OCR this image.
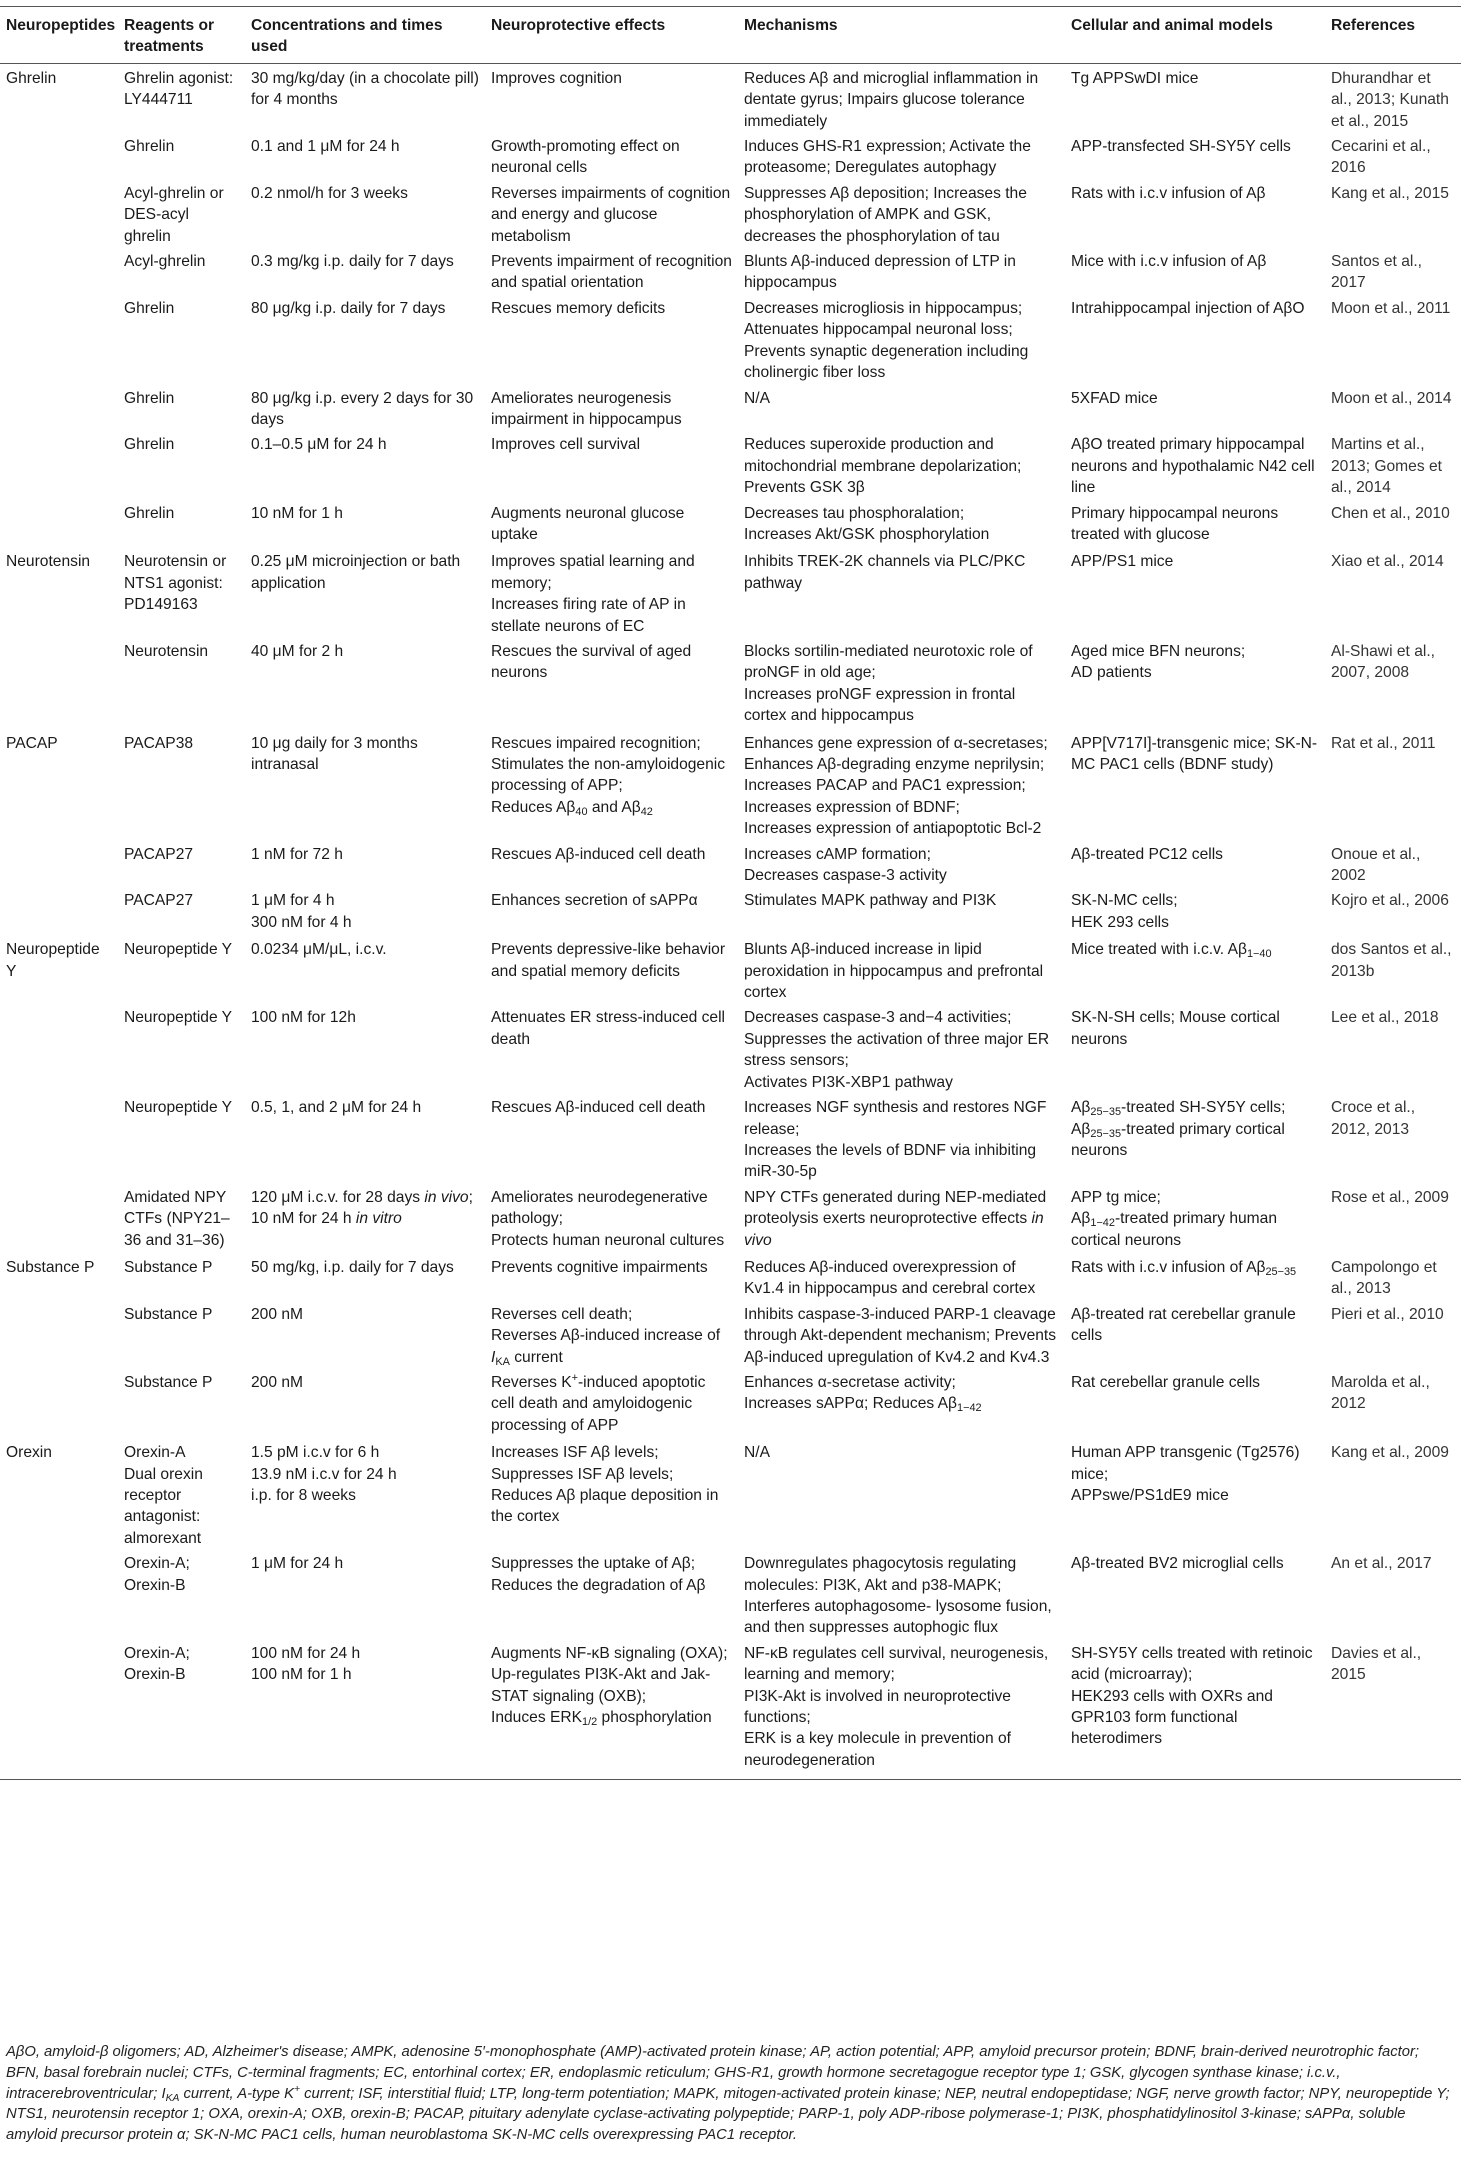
Neuropeptides	Reagents or treatments	Concentrations and times used	Neuroprotective effects	Mechanisms	Cellular and animal models	References
Ghrelin	Ghrelin agonist: LY444711	30 mg/kg/day (in a chocolate pill) for 4 months	Improves cognition	Reduces Aβ and microglial inflammation in dentate gyrus; Impairs glucose tolerance immediately	Tg APPSwDI mice	Dhurandhar et al., 2013; Kunath et al., 2015
	Ghrelin	0.1 and 1 μM for 24 h	Growth-promoting effect on neuronal cells	Induces GHS-R1 expression; Activate the proteasome; Deregulates autophagy	APP-transfected SH-SY5Y cells	Cecarini et al., 2016
	Acyl-ghrelin or DES-acyl ghrelin	0.2 nmol/h for 3 weeks	Reverses impairments of cognition and energy and glucose metabolism	Suppresses Aβ deposition; Increases the phosphorylation of AMPK and GSK, decreases the phosphorylation of tau	Rats with i.c.v infusion of Aβ	Kang et al., 2015
	Acyl-ghrelin	0.3 mg/kg i.p. daily for 7 days	Prevents impairment of recognition and spatial orientation	Blunts Aβ-induced depression of LTP in hippocampus	Mice with i.c.v infusion of Aβ	Santos et al., 2017
	Ghrelin	80 μg/kg i.p. daily for 7 days	Rescues memory deficits	Decreases microgliosis in hippocampus;
Attenuates hippocampal neuronal loss;
Prevents synaptic degeneration including cholinergic fiber loss	Intrahippocampal injection of AβO	Moon et al., 2011
	Ghrelin	80 μg/kg i.p. every 2 days for 30 days	Ameliorates neurogenesis impairment in hippocampus	N/A	5XFAD mice	Moon et al., 2014
	Ghrelin	0.1–0.5 μM for 24 h	Improves cell survival	Reduces superoxide production and mitochondrial membrane depolarization;
Prevents GSK 3β	AβO treated primary hippocampal neurons and hypothalamic N42 cell line	Martins et al., 2013; Gomes et al., 2014
	Ghrelin	10 nM for 1 h	Augments neuronal glucose uptake	Decreases tau phosphoralation;
Increases Akt/GSK phosphorylation	Primary hippocampal neurons treated with glucose	Chen et al., 2010
Neurotensin	Neurotensin or NTS1 agonist: PD149163	0.25 μM microinjection or bath application	Improves spatial learning and memory;
Increases firing rate of AP in stellate neurons of EC	Inhibits TREK-2K channels via PLC/PKC pathway	APP/PS1 mice	Xiao et al., 2014
	Neurotensin	40 μM for 2 h	Rescues the survival of aged neurons	Blocks sortilin-mediated neurotoxic role of proNGF in old age;
Increases proNGF expression in frontal cortex and hippocampus	Aged mice BFN neurons;
AD patients	Al-Shawi et al., 2007, 2008
PACAP	PACAP38	10 μg daily for 3 months intranasal	Rescues impaired recognition; Stimulates the non-amyloidogenic processing of APP;
Reduces $A\beta_{40}$ and $A\beta_{42}$	Enhances gene expression of α-secretases;
Enhances Aβ-degrading enzyme neprilysin;
Increases PACAP and PAC1 expression;
Increases expression of BDNF;
Increases expression of antiapoptotic Bcl-2	APP[V717I]-transgenic mice; SK-N-MC PAC1 cells (BDNF study)	Rat et al., 2011
	PACAP27	1 nM for 72 h	Rescues Aβ-induced cell death	Increases cAMP formation;
Decreases caspase-3 activity	Aβ-treated PC12 cells	Onoue et al., 2002
	PACAP27	1 μM for 4 h
300 nM for 4 h	Enhances secretion of sAPPα	Stimulates MAPK pathway and PI3K	SK-N-MC cells;
HEK 293 cells	Kojro et al., 2006
Neuropeptide Y	Neuropeptide Y	0.0234 μM/μL, i.c.v.	Prevents depressive-like behavior and spatial memory deficits	Blunts Aβ-induced increase in lipid peroxidation in hippocampus and prefrontal cortex	Mice treated with i.c.v. $A\beta_{1-40}$	dos Santos et al., 2013b
	Neuropeptide Y	100 nM for 12h	Attenuates ER stress-induced cell death	Decreases caspase-3 and−4 activities; Suppresses the activation of three major ER stress sensors;
Activates PI3K-XBP1 pathway	SK-N-SH cells; Mouse cortical neurons	Lee et al., 2018
	Neuropeptide Y	0.5, 1, and 2 μM for 24 h	Rescues Aβ-induced cell death	Increases NGF synthesis and restores NGF release;
Increases the levels of BDNF via inhibiting miR-30-5p	$A\beta_{25-35}$-treated SH-SY5Y cells; $A\beta_{25-35}$-treated primary cortical neurons	Croce et al., 2012, 2013
	Amidated NPY CTFs (NPY21–36 and 31–36)	120 μM i.c.v. for 28 days in vivo; 10 nM for 24 h in vitro	Ameliorates neurodegenerative pathology;
Protects human neuronal cultures	NPY CTFs generated during NEP-mediated proteolysis exerts neuroprotective effects in vivo	APP tg mice;
$A\beta_{1-42}$-treated primary human cortical neurons	Rose et al., 2009
Substance P	Substance P	50 mg/kg, i.p. daily for 7 days	Prevents cognitive impairments	Reduces Aβ-induced overexpression of Kv1.4 in hippocampus and cerebral cortex	Rats with i.c.v infusion of $A\beta_{25-35}$	Campolongo et al., 2013
	Substance P	200 nM	Reverses cell death;
Reverses Aβ-induced increase of $I_{KA}$ current	Inhibits caspase-3-induced PARP-1 cleavage through Akt-dependent mechanism; Prevents Aβ-induced upregulation of Kv4.2 and Kv4.3	Aβ-treated rat cerebellar granule cells	Pieri et al., 2010
	Substance P	200 nM	Reverses K+-induced apoptotic cell death and amyloidogenic processing of APP	Enhances α-secretase activity;
Increases sAPPα; Reduces $A\beta_{1-42}$	Rat cerebellar granule cells	Marolda et al., 2012
Orexin	Orexin-A
Dual orexin receptor antagonist: almorexant	1.5 pM i.c.v for 6 h
13.9 nM i.c.v for 24 h
i.p. for 8 weeks	Increases ISF Aβ levels;
Suppresses ISF Aβ levels;
Reduces Aβ plaque deposition in the cortex	N/A	Human APP transgenic (Tg2576) mice;
APPswe/PS1dE9 mice	Kang et al., 2009
	Orexin-A;
Orexin-B	1 μM for 24 h	Suppresses the uptake of Aβ;
Reduces the degradation of Aβ	Downregulates phagocytosis regulating molecules: PI3K, Akt and p38-MAPK;
Interferes autophagosome- lysosome fusion, and then suppresses autophogic flux	Aβ-treated BV2 microglial cells	An et al., 2017
	Orexin-A;
Orexin-B	100 nM for 24 h
100 nM for 1 h	Augments NF-κB signaling (OXA);
Up-regulates PI3K-Akt and Jak-STAT signaling (OXB);
Induces $ERK_{1/2}$ phosphorylation	NF-κB regulates cell survival, neurogenesis, learning and memory;
PI3K-Akt is involved in neuroprotective functions;
ERK is a key molecule in prevention of neurodegeneration	SH-SY5Y cells treated with retinoic acid (microarray);
HEK293 cells with OXRs and GPR103 form functional heterodimers	Davies et al., 2015
AβO, amyloid-β oligomers; AD, Alzheimer's disease; AMPK, adenosine 5′-monophosphate (AMP)-activated protein kinase; AP, action potential; APP, amyloid precursor protein; BDNF, brain-derived neurotrophic factor; BFN, basal forebrain nuclei; CTFs, C-terminal fragments; EC, entorhinal cortex; ER, endoplasmic reticulum; GHS-R1, growth hormone secretagogue receptor type 1; GSK, glycogen synthase kinase; i.c.v., intracerebroventricular; $I_{KA}$ current, A-type K+ current; ISF, interstitial fluid; LTP, long-term potentiation; MAPK, mitogen-activated protein kinase; NEP, neutral endopeptidase; NGF, nerve growth factor; NPY, neuropeptide Y; NTS1, neurotensin receptor 1; OXA, orexin-A; OXB, orexin-B; PACAP, pituitary adenylate cyclase-activating polypeptide; PARP-1, poly ADP-ribose polymerase-1; PI3K, phosphatidylinositol 3-kinase; sAPPα, soluble amyloid precursor protein α; SK-N-MC PAC1 cells, human neuroblastoma SK-N-MC cells overexpressing PAC1 receptor.
